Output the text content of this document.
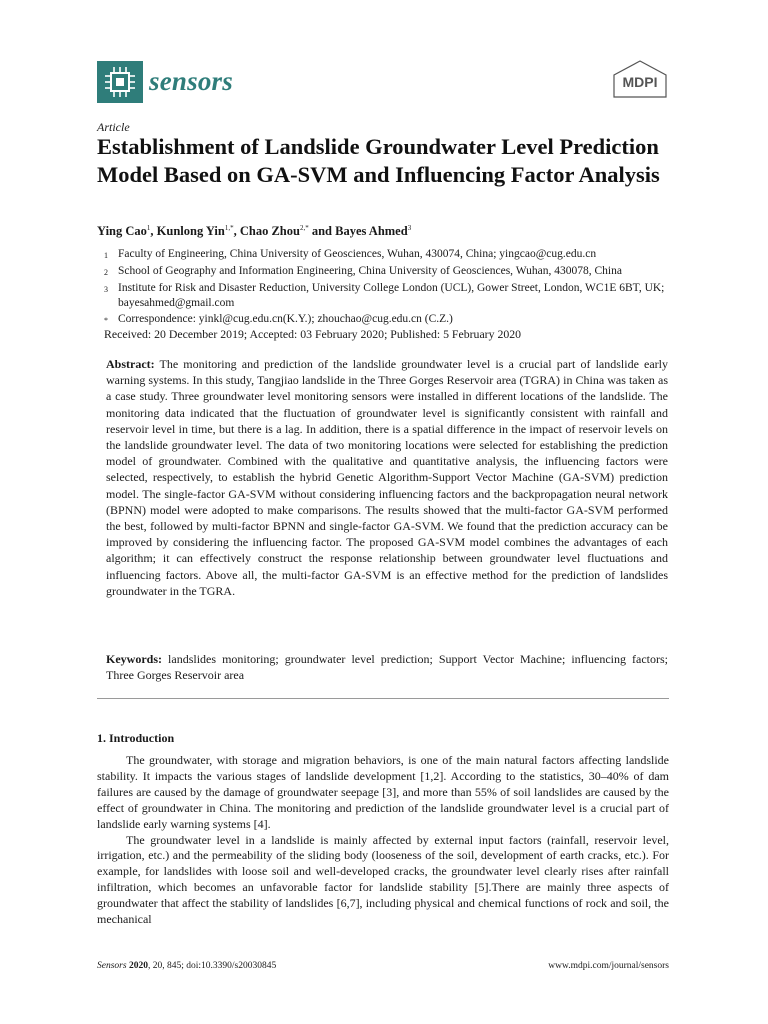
sensors	MDPI
Article
Establishment of Landslide Groundwater Level Prediction Model Based on GA-SVM and Influencing Factor Analysis
Ying Cao$^1$, Kunlong Yin$^{1,*}$, Chao Zhou$^{2,*}$ and Bayes Ahmed$^3$
1 Faculty of Engineering, China University of Geosciences, Wuhan, 430074, China; yingcao@cug.edu.cn
2 School of Geography and Information Engineering, China University of Geosciences, Wuhan, 430078, China
3 Institute for Risk and Disaster Reduction, University College London (UCL), Gower Street, London, WC1E 6BT, UK; bayesahmed@gmail.com
* Correspondence: yinkl@cug.edu.cn(K.Y.); zhouchao@cug.edu.cn (C.Z.)
Received: 20 December 2019; Accepted: 03 February 2020; Published: 5 February 2020
Abstract: The monitoring and prediction of the landslide groundwater level is a crucial part of landslide early warning systems. In this study, Tangjiao landslide in the Three Gorges Reservoir area (TGRA) in China was taken as a case study. Three groundwater level monitoring sensors were installed in different locations of the landslide. The monitoring data indicated that the fluctuation of groundwater level is significantly consistent with rainfall and reservoir level in time, but there is a lag. In addition, there is a spatial difference in the impact of reservoir levels on the landslide groundwater level. The data of two monitoring locations were selected for establishing the prediction model of groundwater. Combined with the qualitative and quantitative analysis, the influencing factors were selected, respectively, to establish the hybrid Genetic Algorithm-Support Vector Machine (GA-SVM) prediction model. The single-factor GA-SVM without considering influencing factors and the backpropagation neural network (BPNN) model were adopted to make comparisons. The results showed that the multi-factor GA-SVM performed the best, followed by multi-factor BPNN and single-factor GA-SVM. We found that the prediction accuracy can be improved by considering the influencing factor. The proposed GA-SVM model combines the advantages of each algorithm; it can effectively construct the response relationship between groundwater level fluctuations and influencing factors. Above all, the multi-factor GA-SVM is an effective method for the prediction of landslides groundwater in the TGRA.
Keywords: landslides monitoring; groundwater level prediction; Support Vector Machine; influencing factors; Three Gorges Reservoir area
1. Introduction

The groundwater, with storage and migration behaviors, is one of the main natural factors affecting landslide stability. It impacts the various stages of landslide development [1,2]. According to the statistics, 30–40% of dam failures are caused by the damage of groundwater seepage [3], and more than 55% of soil landslides are caused by the effect of groundwater in China. The monitoring and prediction of the landslide groundwater level is a crucial part of landslide early warning systems [4].

The groundwater level in a landslide is mainly affected by external input factors (rainfall, reservoir level, irrigation, etc.) and the permeability of the sliding body (looseness of the soil, development of earth cracks, etc.). For example, for landslides with loose soil and well-developed cracks, the groundwater level clearly rises after rainfall infiltration, which becomes an unfavorable factor for landslide stability [5].There are mainly three aspects of groundwater that affect the stability of landslides [6,7], including physical and chemical functions of rock and soil, the mechanical

Sensors 2020, 20, 845; doi:10.3390/s20030845	www.mdpi.com/journal/sensors
